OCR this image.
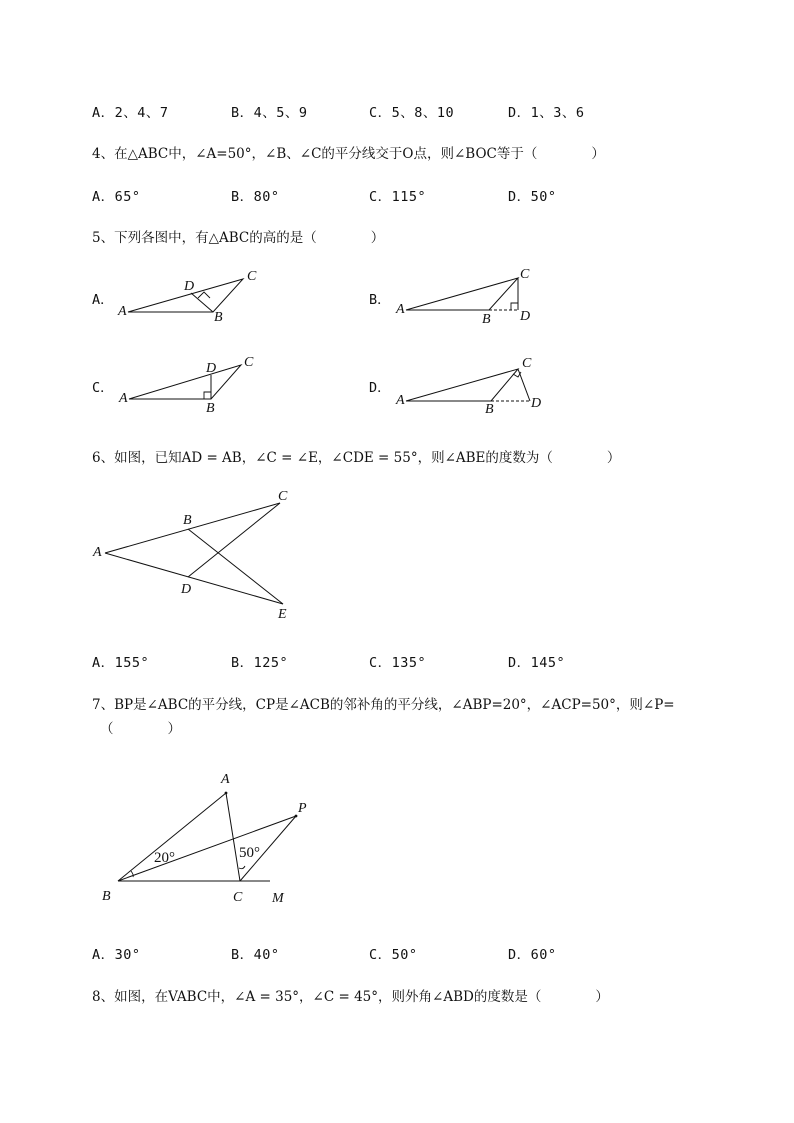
A．2、4、7	B．4、5、9	C．5、8、10	D．1、3、6
4、在△ABC中，∠A=50°，∠B、∠C的平分线交于O点，则∠BOC等于（　　　　）
A．65°	B．80°	C．115°	D．50°
5、下列各图中，有△ABC的高的是（　　　　）
A．	B．
C．	D．
A	B
C
D
A
B
C
D
A
B
C
D
A
B
C
D
A
B
C
D
E
A
B	C M
P
20°	50°
6、如图，已知AD = AB，∠C = ∠E，∠CDE = 55°，则∠ABE的度数为（　　　　）
A．155°	B．125°	C．135°	D．145°
7、BP是∠ABC的平分线，CP是∠ACB的邻补角的平分线，∠ABP=20°，∠ACP=50°，则∠P=
（　　　　）
A．30°	B．40°	C．50°	D．60°
8、如图，在VABC中，∠A = 35°，∠C = 45°，则外角∠ABD的度数是（　　　　）
